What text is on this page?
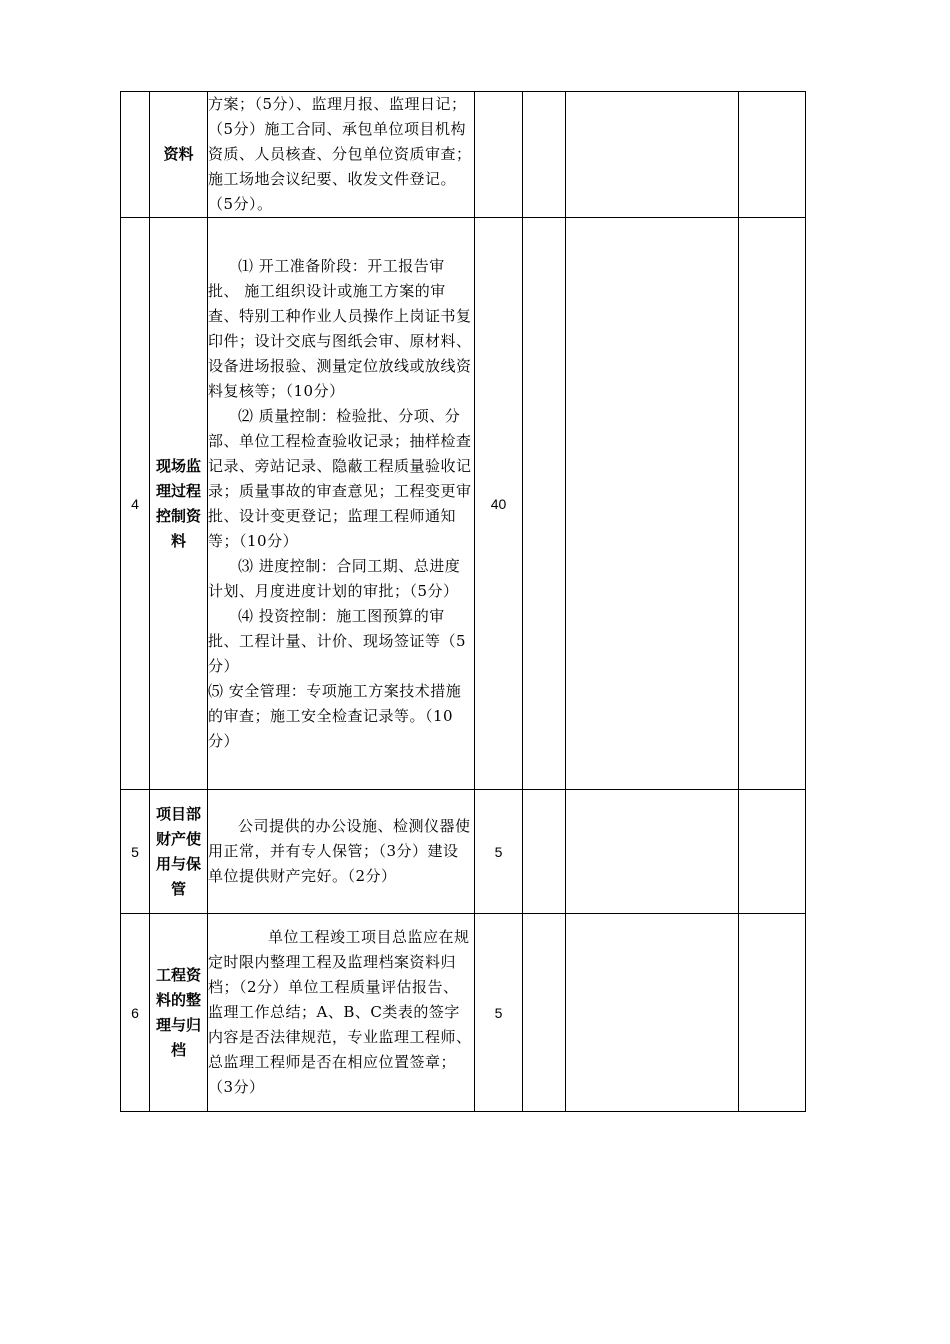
	资料	方案；（5分）、监理月报、监理日记；（5分）施工合同、承包单位项目机构资质、人员核查、分包单位资质审查；施工场地会议纪要、收发文件登记。（5分）。				

4	现场监理过程控制资料	⑴ 开工准备阶段：开工报告审批、 施工组织设计或施工方案的审查、特别工种作业人员操作上岗证书复印件；设计交底与图纸会审、原材料、设备进场报验、测量定位放线或放线资料复核等；（10分）

⑵ 质量控制：检验批、分项、分部、单位工程检查验收记录；抽样检查记录、旁站记录、隐蔽工程质量验收记录；质量事故的审查意见；工程变更审批、设计变更登记；监理工程师通知等；（10分）

⑶ 进度控制：合同工期、总进度计划、月度进度计划的审批；（5分）

⑷ 投资控制：施工图预算的审批、工程计量、计价、现场签证等（5分）

⑸ 安全管理：专项施工方案技术措施的审查；施工安全检查记录等。（10分）	40			
5	项目部财产使用与保管	公司提供的办公设施、检测仪器使用正常，并有专人保管；（3分）建设单位提供财产完好。（2分）	5			
6	工程资料的整理与归档	单位工程竣工项目总监应在规定时限内整理工程及监理档案资料归档；（2分）单位工程质量评估报告、监理工作总结；A、B、C类表的签字内容是否法律规范，专业监理工程师、总监理工程师是否在相应位置签章；（3分）	5			
